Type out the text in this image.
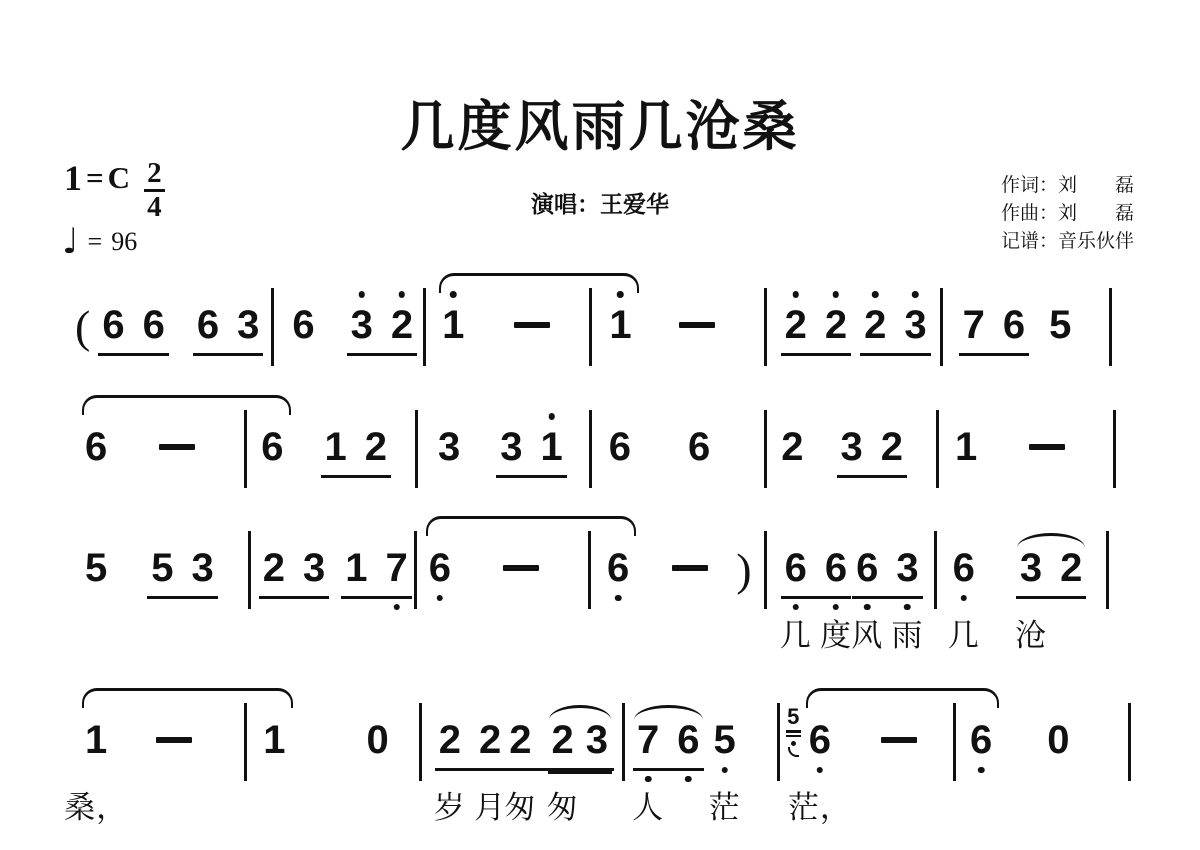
几度风雨几沧桑
演唱：王爱华
1 = C $\frac{2}{4}$
♩ = 96
作词：刘　　磊
作曲：刘　　磊
记谱：音乐伙伴
( 6 6 6 3 6 3 2 1	1	2 2 2 3 7 6 5
6	6 1 2 3 3 1 6 6 2 3 2 1
5 5 3 2 3 1 7 6	6 ) 6
几
6
度
6
风
3
雨
6
几
3
沧
2
1
桑，
1 0 2
岁
2
月
2
匆
2
匆
3 7
人
6 5
茫
5
6
茫，
6 0
